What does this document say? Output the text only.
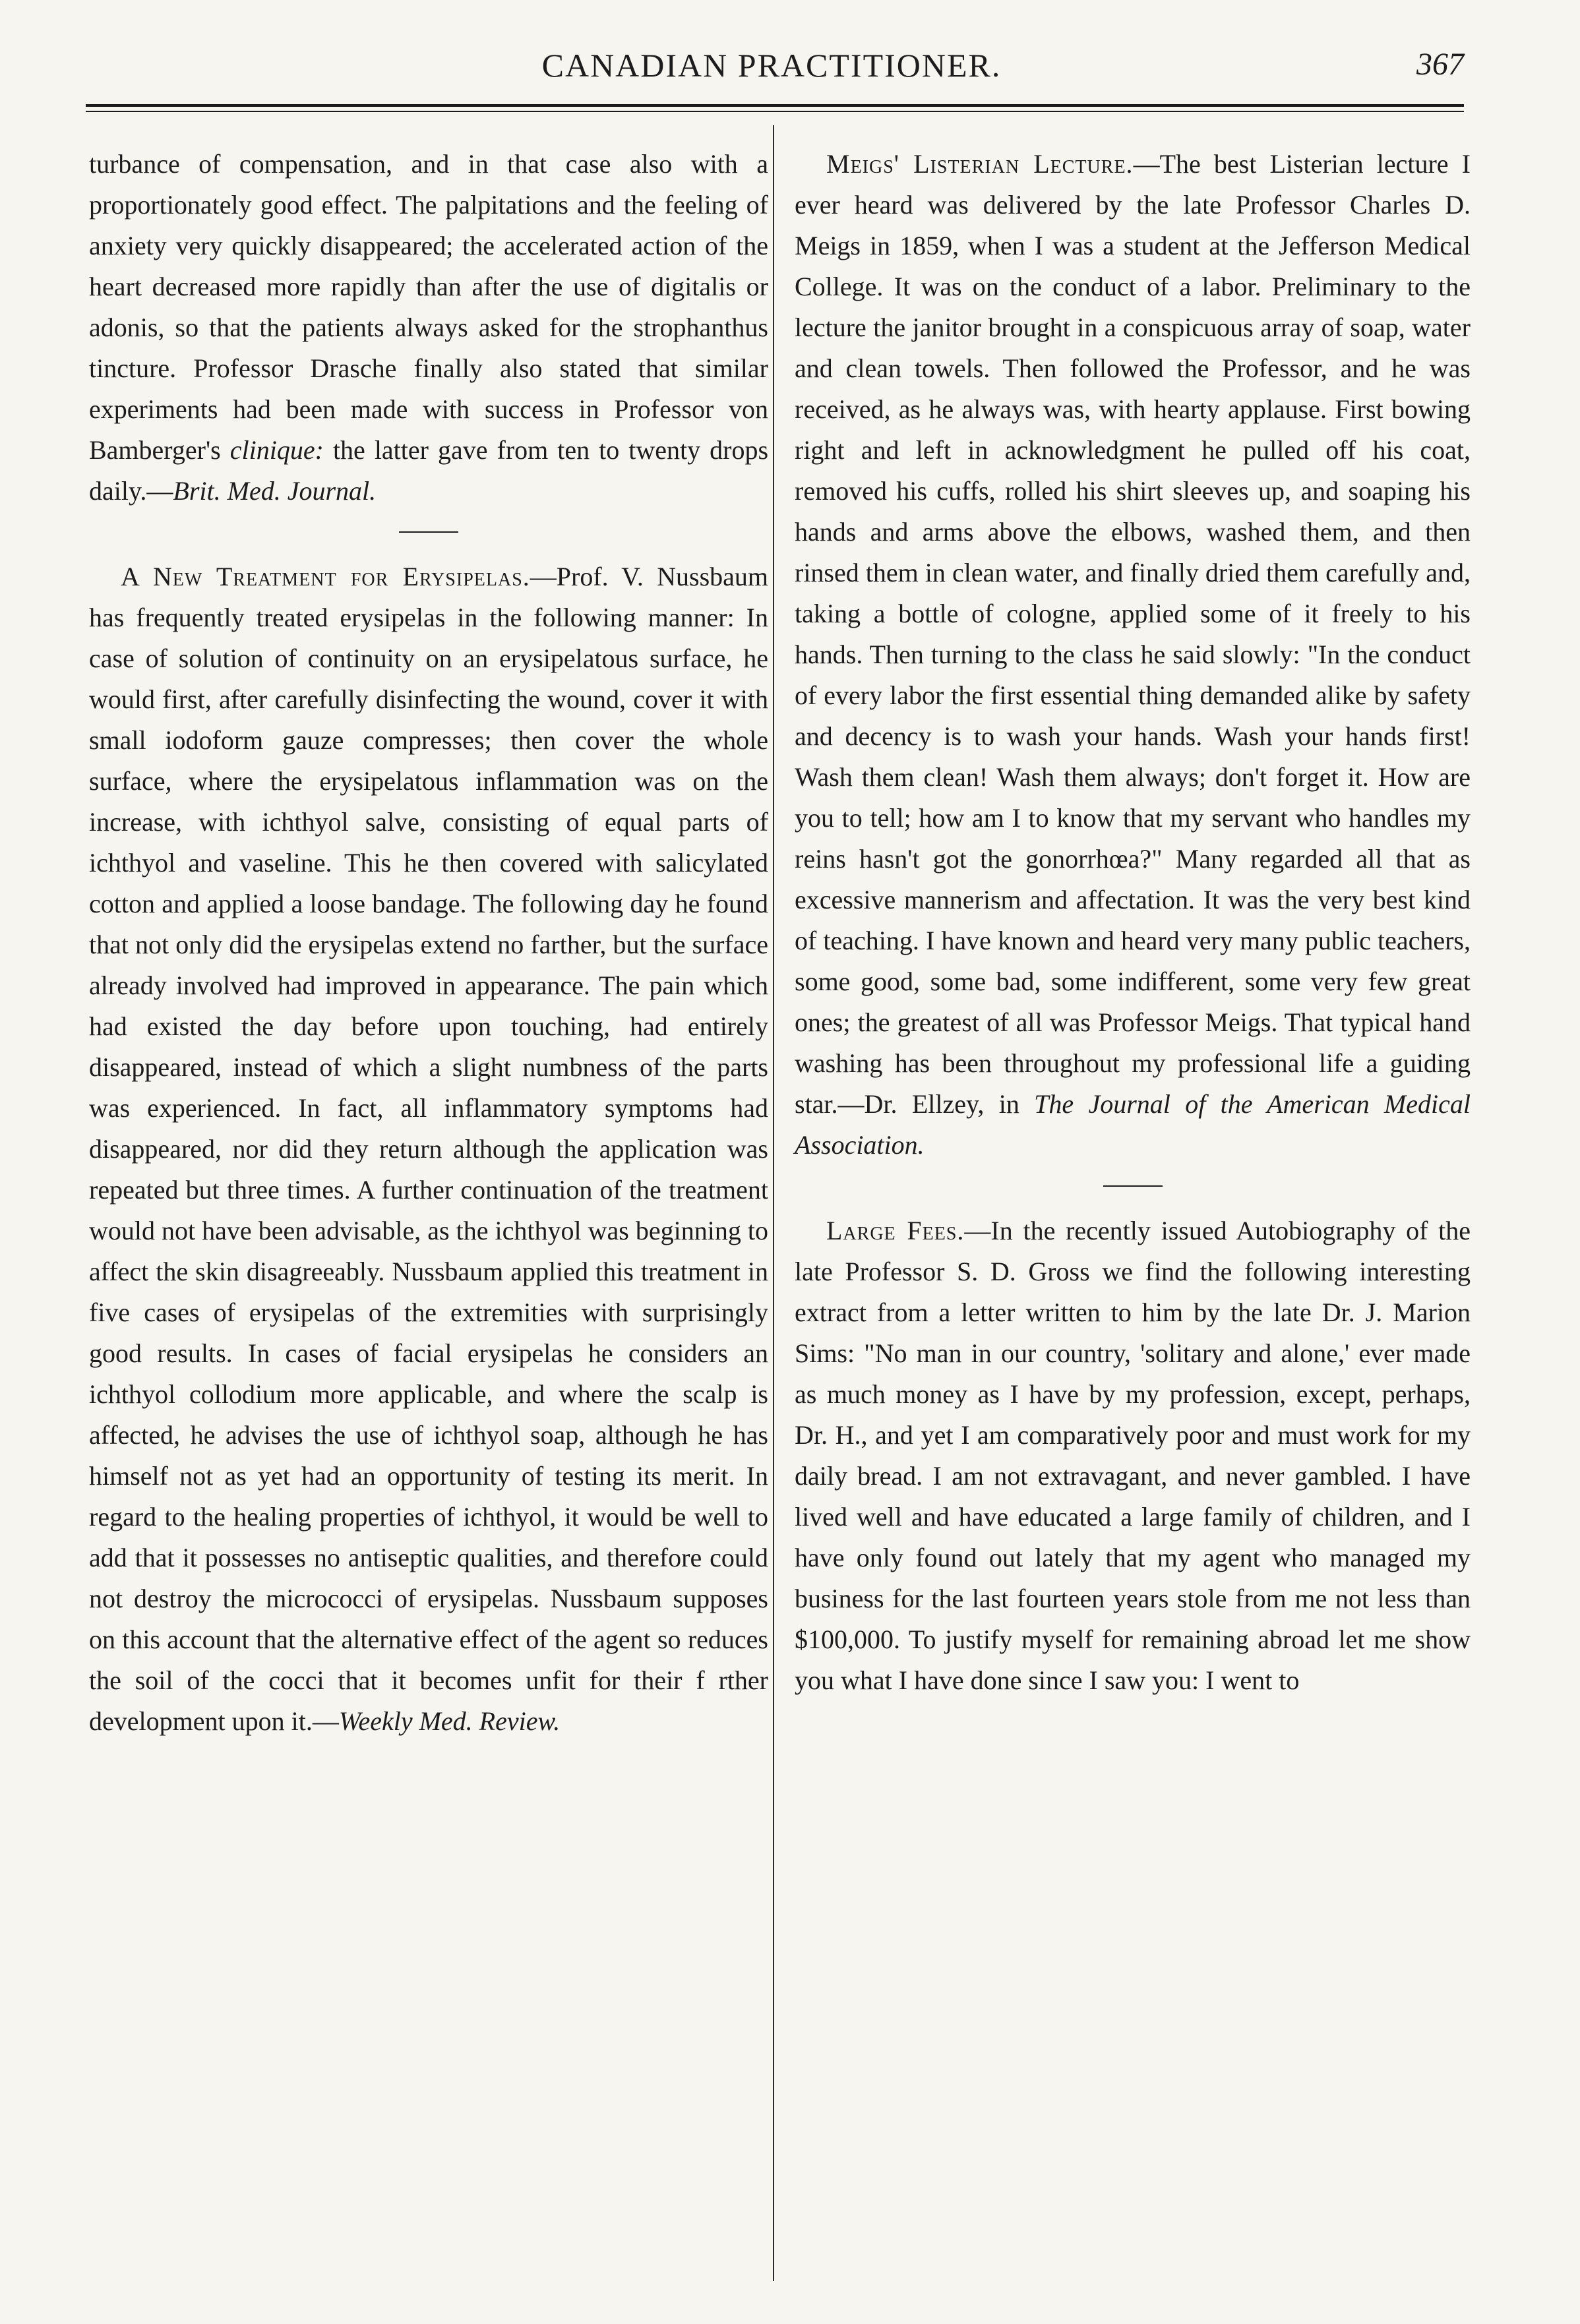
CANADIAN PRACTITIONER.	367

turbance of compensation, and in that case also with a proportionately good effect. The palpitations and the feeling of anxiety very quickly disappeared; the accelerated action of the heart decreased more rapidly than after the use of digitalis or adonis, so that the patients always asked for the strophanthus tincture. Professor Drasche finally also stated that similar experiments had been made with success in Professor von Bamberger's clinique: the latter gave from ten to twenty drops daily.—Brit. Med. Journal.

A New Treatment for Erysipelas.—Prof. V. Nussbaum has frequently treated erysipelas in the following manner: In case of solution of continuity on an erysipelatous surface, he would first, after carefully disinfecting the wound, cover it with small iodoform gauze compresses; then cover the whole surface, where the erysipelatous inflammation was on the increase, with ichthyol salve, consisting of equal parts of ichthyol and vaseline. This he then covered with salicylated cotton and applied a loose bandage. The following day he found that not only did the erysipelas extend no farther, but the surface already involved had improved in appearance. The pain which had existed the day before upon touching, had entirely disappeared, instead of which a slight numbness of the parts was experienced. In fact, all inflammatory symptoms had disappeared, nor did they return although the application was repeated but three times. A further continuation of the treatment would not have been advisable, as the ichthyol was beginning to affect the skin disagreeably. Nussbaum applied this treatment in five cases of erysipelas of the extremities with surprisingly good results. In cases of facial erysipelas he considers an ichthyol collodium more applicable, and where the scalp is affected, he advises the use of ichthyol soap, although he has himself not as yet had an opportunity of testing its merit. In regard to the healing properties of ichthyol, it would be well to add that it possesses no antiseptic qualities, and therefore could not destroy the micrococci of erysipelas. Nussbaum supposes on this account that the alternative effect of the agent so reduces the soil of the cocci that it becomes unfit for their f rther development upon it.—Weekly Med. Review.

Meigs' Listerian Lecture.—The best Listerian lecture I ever heard was delivered by the late Professor Charles D. Meigs in 1859, when I was a student at the Jefferson Medical College. It was on the conduct of a labor. Preliminary to the lecture the janitor brought in a conspicuous array of soap, water and clean towels. Then followed the Professor, and he was received, as he always was, with hearty applause. First bowing right and left in acknowledgment he pulled off his coat, removed his cuffs, rolled his shirt sleeves up, and soaping his hands and arms above the elbows, washed them, and then rinsed them in clean water, and finally dried them carefully and, taking a bottle of cologne, applied some of it freely to his hands. Then turning to the class he said slowly: "In the conduct of every labor the first essential thing demanded alike by safety and decency is to wash your hands. Wash your hands first! Wash them clean! Wash them always; don't forget it. How are you to tell; how am I to know that my servant who handles my reins hasn't got the gonorrhœa?" Many regarded all that as excessive mannerism and affectation. It was the very best kind of teaching. I have known and heard very many public teachers, some good, some bad, some indifferent, some very few great ones; the greatest of all was Professor Meigs. That typical hand washing has been throughout my professional life a guiding star.—Dr. Ellzey, in The Journal of the American Medical Association.

Large Fees.—In the recently issued Autobiography of the late Professor S. D. Gross we find the following interesting extract from a letter written to him by the late Dr. J. Marion Sims: "No man in our country, 'solitary and alone,' ever made as much money as I have by my profession, except, perhaps, Dr. H., and yet I am comparatively poor and must work for my daily bread. I am not extravagant, and never gambled. I have lived well and have educated a large family of children, and I have only found out lately that my agent who managed my business for the last fourteen years stole from me not less than $100,000. To justify myself for remaining abroad let me show you what I have done since I saw you: I went to
